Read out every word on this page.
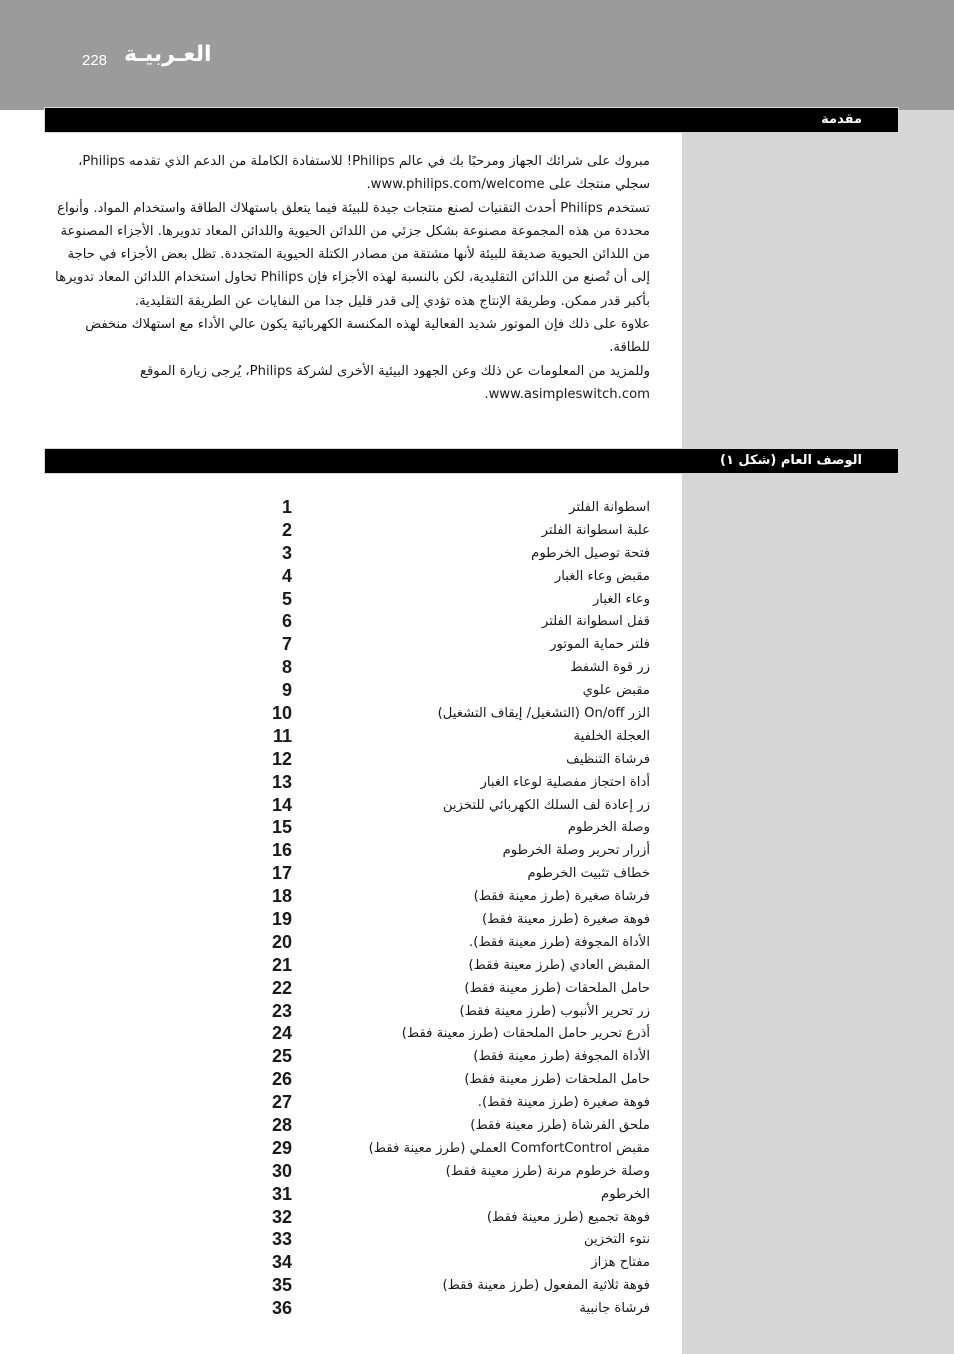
228 العـربيـة
مقدمة

مبروك على شرائك الجهاز ومرحبًا بك في عالم Philips! للاستفادة الكاملة من الدعم الذي تقدمه Philips، سجلي منتجك على www.philips.com/welcome.

تستخدم Philips أحدث التقنيات لصنع منتجات جيدة للبيئة فيما يتعلق باستهلاك الطاقة واستخدام المواد. وأنواع محددة من هذه المجموعة مصنوعة بشكل جزئي من اللدائن الحيوية واللدائن المعاد تدويرها. الأجزاء المصنوعة من اللدائن الحيوية صديقة للبيئة لأنها مشتقة من مصادر الكتلة الحيوية المتجددة. تظل بعض الأجزاء في حاجة إلى أن تُصنع من اللدائن التقليدية، لكن بالنسبة لهذه الأجزاء فإن Philips تحاول استخدام اللدائن المعاد تدويرها بأكبر قدر ممكن. وطريقة الإنتاج هذه تؤدي إلى قدر قليل جدا من النفايات عن الطريقة التقليدية.

علاوة على ذلك فإن الموتور شديد الفعالية لهذه المكنسة الكهربائية يكون عالي الأداء مع استهلاك منخفض للطاقة.

وللمزيد من المعلومات عن ذلك وعن الجهود البيئية الأخرى لشركة Philips، يُرجى زيارة الموقع www.asimpleswitch.com.

الوصف العام (شكل ١)
1	اسطوانة الفلتر
2	علبة اسطوانة الفلتر
3	فتحة توصيل الخرطوم
4	مقبض وعاء الغبار
5	وعاء الغبار
6	قفل اسطوانة الفلتر
7	فلتر حماية الموتور
8	زر قوة الشفط
9	مقبض علوي
10	الزر On/off (التشغيل/ إيقاف التشغيل)
11	العجلة الخلفية
12	فرشاة التنظيف
13	أداة احتجاز مفصلية لوعاء الغبار
14	زر إعادة لف السلك الكهربائي للتخزين
15	وصلة الخرطوم
16	أزرار تحرير وصلة الخرطوم
17	خطاف تثبيت الخرطوم
18	فرشاة صغيرة (طرز معينة فقط)
19	فوهة صغيرة (طرز معينة فقط)
20	الأداة المجوفة (طرز معينة فقط).
21	المقبض العادي (طرز معينة فقط)
22	حامل الملحقات (طرز معينة فقط)
23	زر تحرير الأنبوب (طرز معينة فقط)
24	أذرع تحرير حامل الملحقات (طرز معينة فقط)
25	الأداة المجوفة (طرز معينة فقط)
26	حامل الملحقات (طرز معينة فقط)
27	فوهة صغيرة (طرز معينة فقط).
28	ملحق الفرشاة (طرز معينة فقط)
29	مقبض ComfortControl العملي (طرز معينة فقط)
30	وصلة خرطوم مرنة (طرز معينة فقط)
31	الخرطوم
32	فوهة تجميع (طرز معينة فقط)
33	نتوء التخزين
34	مفتاح هزاز
35	فوهة ثلاثية المفعول (طرز معينة فقط)
36	فرشاة جانبية
